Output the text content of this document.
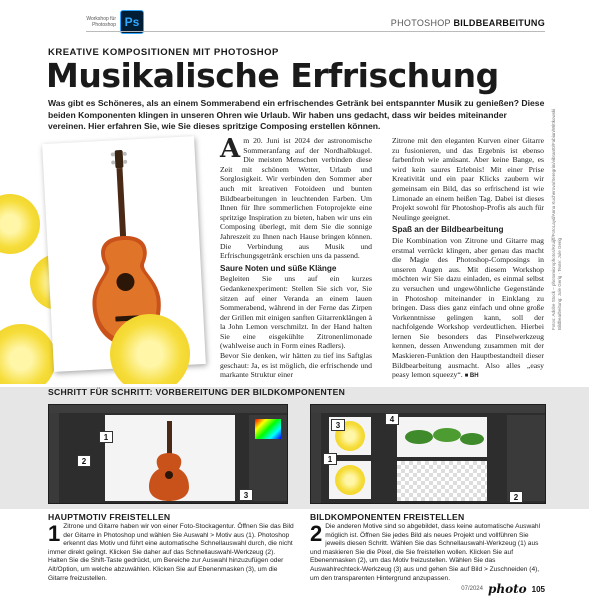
Workshop für Photoshop Ps	PHOTOSHOP BILDBEARBEITUNG
KREATIVE KOMPOSITIONEN MIT PHOTOSHOP
Musikalische Erfrischung
Was gibt es Schöneres, als an einem Sommerabend ein erfrischendes Getränk bei entspannter Musik zu genießen? Diese beiden Komponenten klingen in unseren Ohren wie Urlaub. Wir haben uns gedacht, dass wir beides miteinander vereinen. Hier erfahren Sie, wie Sie dieses spritzige Composing erstellen können.
A m 20. Juni ist 2024 der astronomische Sommeranfang auf der Nordhalbkugel. Die meisten Menschen verbinden diese Zeit mit schönem Wetter, Urlaub und Sorglosigkeit. Wir verbinden den Sommer aber auch mit kreativen Fotoideen und bunten Bildbearbeitungen in leuchtenden Farben. Um Ihnen für Ihre sommerlichen Fotoprojekte eine spritzige Inspiration zu bieten, haben wir uns ein Composing überlegt, mit dem Sie die sonnige Jahreszeit zu Ihnen nach Hause bringen können. Die Verbindung aus Musik und Erfrischungsgetränk erschien uns da passend.

Saure Noten und süße Klänge

Begleiten Sie uns auf ein kurzes Gedankenexperiment: Stellen Sie sich vor, Sie sitzen auf einer Veranda an einem lauen Sommerabend, während in der Ferne das Zirpen der Grillen mit einigen sanften Gitarrenklängen à la John Lemon verschmilzt. In der Hand halten Sie eine eisgekühlte Zitronenlimonade (wahlweise auch in Form eines Radlers).

Bevor Sie denken, wir hätten zu tief ins Saftglas geschaut: Ja, es ist möglich, die erfrischende und markante Struktur einer

Zitrone mit den eleganten Kurven einer Gitarre zu fusionieren, und das Ergebnis ist ebenso farbenfroh wie amüsant. Aber keine Bange, es wird kein saures Erlebnis! Mit einer Prise Kreativität und ein paar Klicks zaubern wir gemeinsam ein Bild, das so erfrischend ist wie Limonade an einem heißen Tag. Dabei ist dieses Projekt sowohl für Photoshop-Profis als auch für Neulinge geeignet.

Spaß an der Bildbearbeitung

Die Kombination von Zitrone und Gitarre mag erstmal verrückt klingen, aber genau das macht die Magie des Photoshop-Composings in unseren Augen aus. Mit diesem Workshop möchten wir Sie dazu einladen, es einmal selbst zu versuchen und ungewöhnliche Gegenstände in Photoshop miteinander in Einklang zu bringen. Dass dies ganz einfach und ohne große Vorkenntnisse gelingen kann, soll der nachfolgende Workshop verdeutlichen. Hierbei lernen Sie besonders das Pinselwerkzeug kennen, dessen Anwendung zusammen mit der Maskieren-Funktion den Hauptbestandteil dieser Bildbearbeitung ausmacht. Also alles „easy peasy lemon squeezy“. ■ BH

Fotos: Adobe Stock – photomicrophotos/Kruijff/FotoLayd/Anna Kucherova/Seregrim/vibrant0/Fabian/Wittkowski Bildbearbeitung: Jule Gerig · Texte: Jule Gerig
SCHRITT FÜR SCHRITT: VORBEREITUNG DER BILDKOMPONENTEN
1
2
3
3
4
1
2
HAUPTMOTIV FREISTELLEN
1 Zitrone und Gitarre haben wir von einer Foto-Stockagentur. Öffnen Sie das Bild der Gitarre in Photoshop und wählen Sie Auswahl > Motiv aus (1). Photoshop erkennt das Motiv und führt eine automatische Schnellauswahl durch, die nicht immer direkt gelingt. Klicken Sie daher auf das Schnellauswahl-Werkzeug (2). Halten Sie die Shift-Taste gedrückt, um Bereiche zur Auswahl hinzuzufügen oder Alt/Option, um welche abzuwählen. Klicken Sie auf Ebenenmasken (3), um die Gitarre freizustellen.
BILDKOMPONENTEN FREISTELLEN
2 Die anderen Motive sind so abgebildet, dass keine automatische Auswahl möglich ist. Öffnen Sie jedes Bild als neues Projekt und vollführen Sie jeweils diesen Schritt. Wählen Sie das Schnellauswahl-Werkzeug (1) aus und maskieren Sie die Pixel, die Sie freistellen wollen. Klicken Sie auf Ebenenmasken (2), um das Motiv freizustellen. Wählen Sie das Auswahlrechteck-Werkzeug (3) aus und gehen Sie auf Bild > Zuschneiden (4), um den transparenten Hintergrund anzupassen.
07/2024 photo 105
